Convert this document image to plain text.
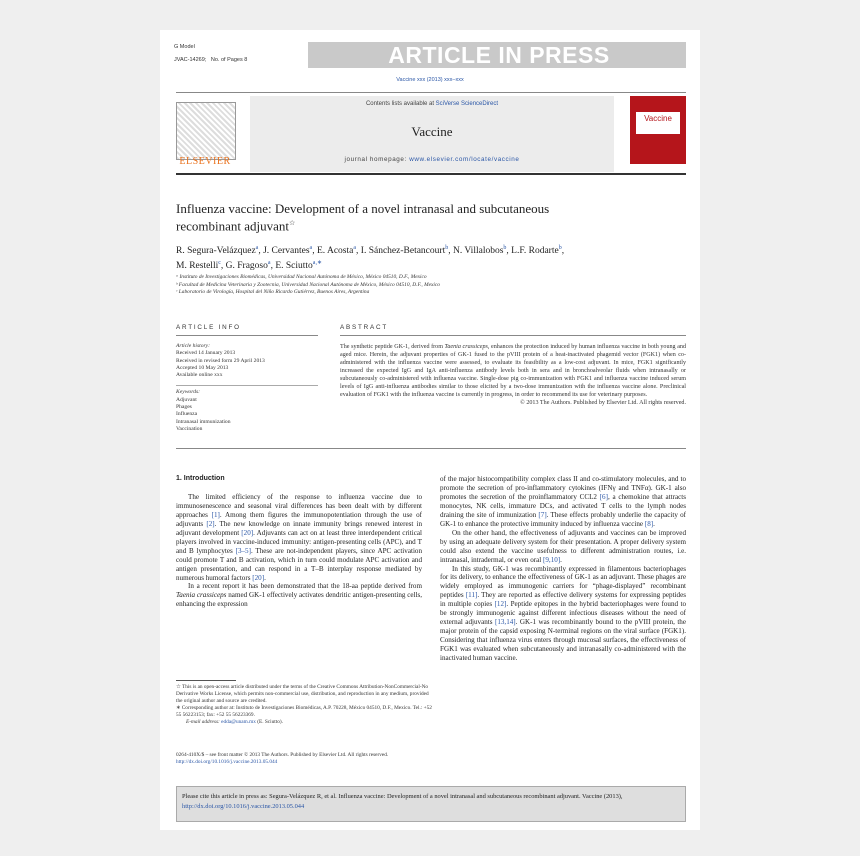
G Model
JVAC-14269; No. of Pages 8	ARTICLE IN PRESS
Vaccine xxx (2013) xxx–xxx
ELSEVIER
Contents lists available at SciVerse ScienceDirect
Vaccine
journal homepage: www.elsevier.com/locate/vaccine
Vaccine
Influenza vaccine: Development of a novel intranasal and subcutaneous
recombinant adjuvant☆
R. Segura-Velázquez$^a$, J. Cervantes$^a$, E. Acosta$^a$, I. Sánchez-Betancourt$^b$, N. Villalobos$^b$, L.F. Rodarte$^b$,
M. Restelli$^c$, G. Fragoso$^a$, E. Sciutto$^{a,∗}$
ᵃ Instituto de Investigaciones Biomédicas, Universidad Nacional Autónoma de México, México 04510, D.F., Mexico
ᵇ Facultad de Medicina Veterinaria y Zootecnia, Universidad Nacional Autónoma de México, México 04510, D.F., Mexico
ᶜ Laboratorio de Virología, Hospital del Niño Ricardo Gutiérrez, Buenos Aires, Argentina
ARTICLE INFO	ABSTRACT
Article history:
Received 14 January 2013
Received in revised form 29 April 2013
Accepted 10 May 2013
Available online xxx
Keywords:
Adjuvant
Phages
Influenza
Intranasal immunization
Vaccination
The synthetic peptide GK-1, derived from Taenia crassiceps, enhances the protection induced by human influenza vaccine in both young and aged mice. Herein, the adjuvant properties of GK-1 fused to the pVIII protein of a heat-inactivated phagemid vector (FGK1) when co-administered with the influenza vaccine were assessed, to evaluate its feasibility as a low-cost adjuvant. In mice, FGK1 significantly increased the expected IgG and IgA anti-influenza antibody levels both in sera and in bronchoalveolar fluids when intranasally or subcutaneously co-administered with influenza vaccine. Single-dose pig co-immunization with FGK1 and influenza vaccine induced serum levels of IgG anti-influenza antibodies similar to those elicited by a two-dose immunization with the influenza vaccine alone. Preclinical evaluation of FGK1 with the influenza vaccine is currently in progress, in order to recommend its use for veterinary purposes.
© 2013 The Authors. Published by Elsevier Ltd. All rights reserved.
1. Introduction

The limited efficiency of the response to influenza vaccine due to immunosenescence and seasonal viral differences has been dealt with by different approaches [1]. Among them figures the immunopotentiation through the use of adjuvants [2]. The new knowledge on innate immunity brings renewed interest in adjuvant development [20]. Adjuvants can act on at least three interdependent critical players involved in vaccine-induced immunity: antigen-presenting cells (APC), and T and B lymphocytes [3–5]. These are not-independent players, since APC activation could promote T and B activation, which in turn could modulate APC activation and antigen presentation, and can respond in a T–B interplay response mediated by numerous humoral factors [20].

In a recent report it has been demonstrated that the 18-aa peptide derived from Taenia crassiceps named GK-1 effectively activates dendritic antigen-presenting cells, enhancing the expression

of the major histocompatibility complex class II and co-stimulatory molecules, and to promote the secretion of pro-inflammatory cytokines (IFNγ and TNFα). GK-1 also promotes the secretion of the proinflammatory CCL2 [6], a chemokine that attracts monocytes, NK cells, immature DCs, and activated T cells to the lymph nodes draining the site of immunization [7]. These effects probably underlie the capacity of GK-1 to enhance the protective immunity induced by influenza vaccine [8].

On the other hand, the effectiveness of adjuvants and vaccines can be improved by using an adequate delivery system for their presentation. A proper delivery system could also extend the vaccine usefulness to different administration routes, i.e. intranasal, intradermal, or even oral [9,10].

In this study, GK-1 was recombinantly expressed in filamentous bacteriophages for its delivery, to enhance the effectiveness of GK-1 as an adjuvant. These phages are widely employed as immunogenic carriers for “phage-displayed” recombinant peptides [11]. They are reported as effective delivery systems for expressing peptides in multiple copies [12]. Peptide epitopes in the hybrid bacteriophages were found to be strongly immunogenic against different infectious diseases without the need of external adjuvants [13,14]. GK-1 was recombinantly bound to the pVIII protein, the major protein of the capsid exposing N-terminal regions on the viral surface (FGK1). Considering that influenza virus enters through mucosal surfaces, the effectiveness of FGK1 was evaluated when subcutaneously and intranasally co-administered with the inactivated human vaccine.

☆ This is an open-access article distributed under the terms of the Creative Commons Attribution-NonCommercial-No Derivative Works License, which permits non-commercial use, distribution, and reproduction in any medium, provided the original author and source are credited.
∗ Corresponding author at: Instituto de Investigaciones Biomédicas, A.P. 70228, México 04510, D.F., Mexico. Tel.: +52 55 56223153; fax: +52 55 56223369.
E-mail address: edda@unam.mx (E. Sciutto).
0264-410X/$ – see front matter © 2013 The Authors. Published by Elsevier Ltd. All rights reserved.
http://dx.doi.org/10.1016/j.vaccine.2013.05.044
Please cite this article in press as: Segura-Velázquez R, et al. Influenza vaccine: Development of a novel intranasal and subcutaneous recombinant adjuvant. Vaccine (2013), http://dx.doi.org/10.1016/j.vaccine.2013.05.044
